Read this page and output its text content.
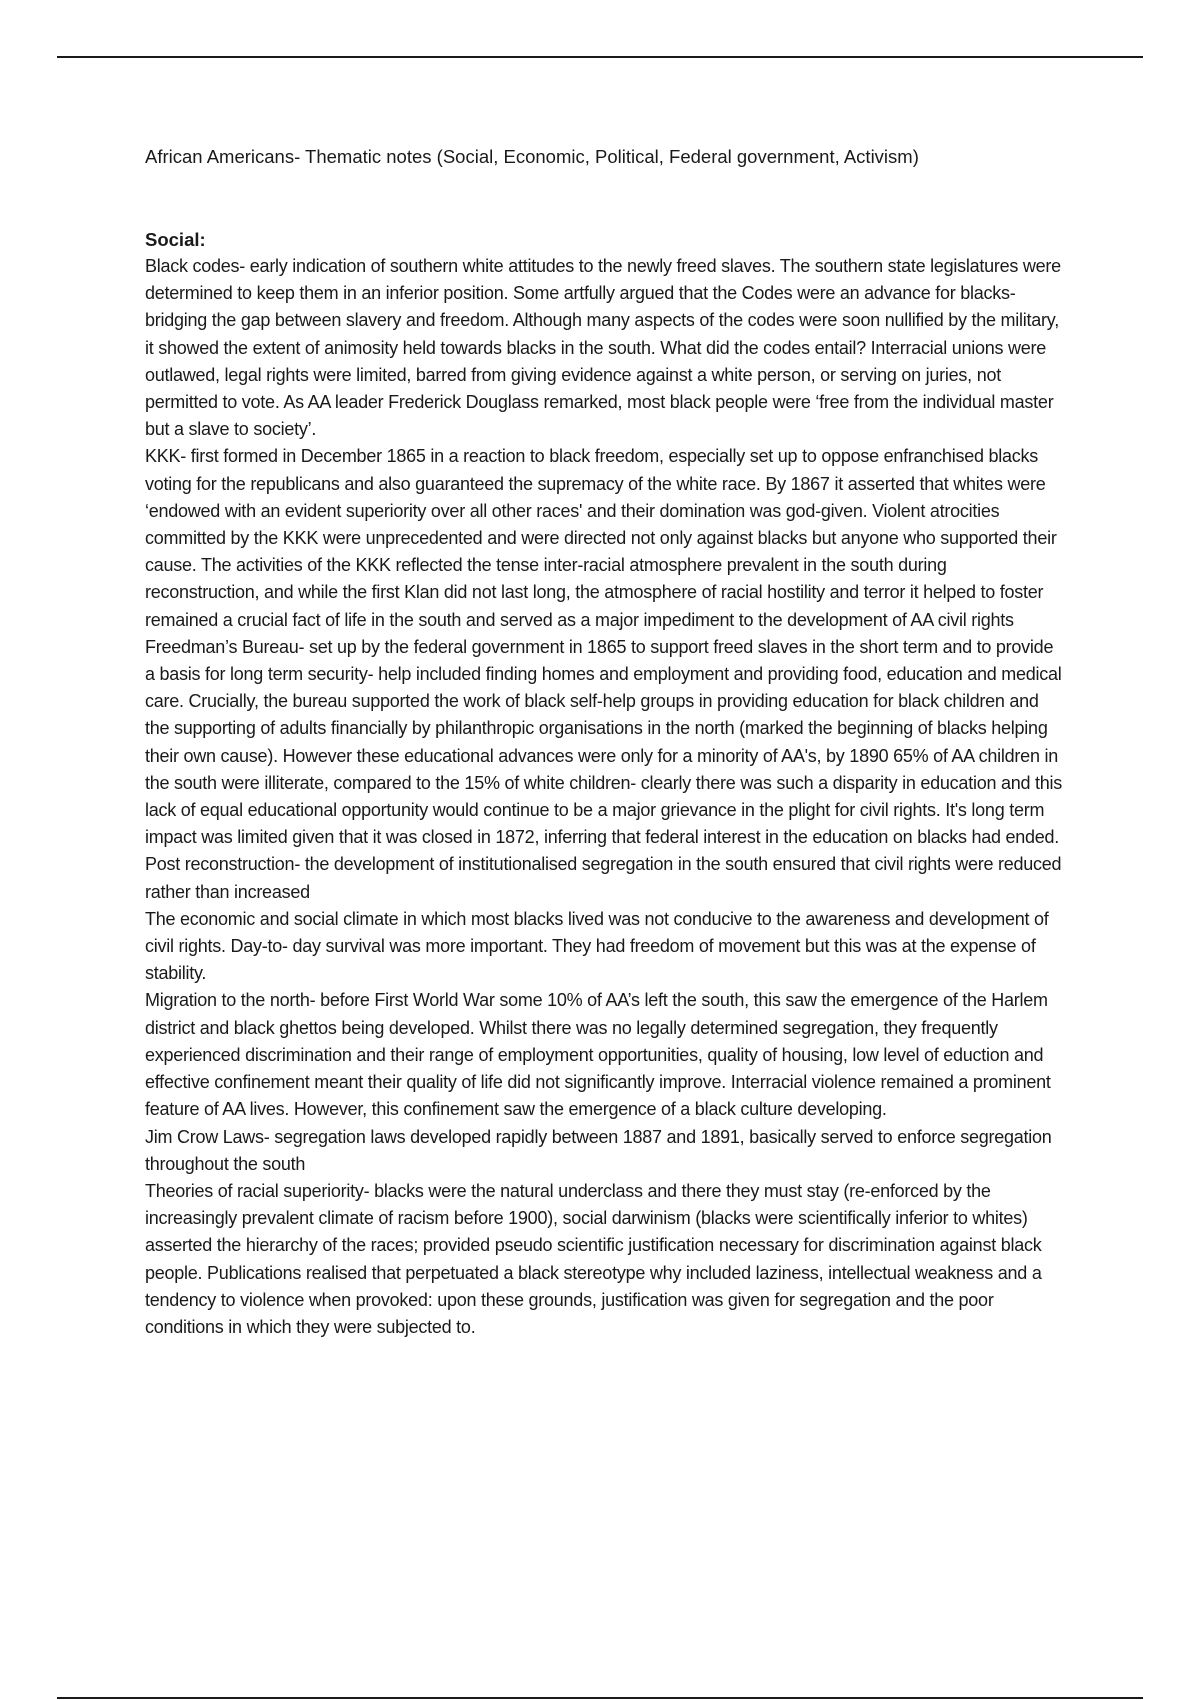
African Americans- Thematic notes (Social, Economic, Political, Federal government, Activism)

Social:

Black codes- early indication of southern white attitudes to the newly freed slaves. The southern state legislatures were determined to keep them in an inferior position. Some artfully argued that the Codes were an advance for blacks- bridging the gap between slavery and freedom. Although many aspects of the codes were soon nullified by the military, it showed the extent of animosity held towards blacks in the south. What did the codes entail? Interracial unions were outlawed, legal rights were limited, barred from giving evidence against a white person, or serving on juries, not permitted to vote. As AA leader Frederick Douglass remarked, most black people were ‘free from the individual master but a slave to society’.

KKK- first formed in December 1865 in a reaction to black freedom, especially set up to oppose enfranchised blacks voting for the republicans and also guaranteed the supremacy of the white race. By 1867 it asserted that whites were ‘endowed with an evident superiority over all other races' and their domination was god-given. Violent atrocities committed by the KKK were unprecedented and were directed not only against blacks but anyone who supported their cause. The activities of the KKK reflected the tense inter-racial atmosphere prevalent in the south during reconstruction, and while the first Klan did not last long, the atmosphere of racial hostility and terror it helped to foster remained a crucial fact of life in the south and served as a major impediment to the development of AA civil rights

Freedman’s Bureau- set up by the federal government in 1865 to support freed slaves in the short term and to provide a basis for long term security- help included finding homes and employment and providing food, education and medical care. Crucially, the bureau supported the work of black self-help groups in providing education for black children and the supporting of adults financially by philanthropic organisations in the north (marked the beginning of blacks helping their own cause). However these educational advances were only for a minority of AA's, by 1890 65% of AA children in the south were illiterate, compared to the 15% of white children- clearly there was such a disparity in education and this lack of equal educational opportunity would continue to be a major grievance in the plight for civil rights. It's long term impact was limited given that it was closed in 1872, inferring that federal interest in the education on blacks had ended.

Post reconstruction- the development of institutionalised segregation in the south ensured that civil rights were reduced rather than increased

The economic and social climate in which most blacks lived was not conducive to the awareness and development of civil rights. Day-to- day survival was more important. They had freedom of movement but this was at the expense of stability.

Migration to the north- before First World War some 10% of AA’s left the south, this saw the emergence of the Harlem district and black ghettos being developed. Whilst there was no legally determined segregation, they frequently experienced discrimination and their range of employment opportunities, quality of housing, low level of eduction and effective confinement meant their quality of life did not significantly improve. Interracial violence remained a prominent feature of AA lives. However, this confinement saw the emergence of a black culture developing.

Jim Crow Laws- segregation laws developed rapidly between 1887 and 1891, basically served to enforce segregation throughout the south

Theories of racial superiority- blacks were the natural underclass and there they must stay (re-enforced by the increasingly prevalent climate of racism before 1900), social darwinism (blacks were scientifically inferior to whites) asserted the hierarchy of the races; provided pseudo scientific justification necessary for discrimination against black people. Publications realised that perpetuated a black stereotype why included laziness, intellectual weakness and a tendency to violence when provoked: upon these grounds, justification was given for segregation and the poor conditions in which they were subjected to.
